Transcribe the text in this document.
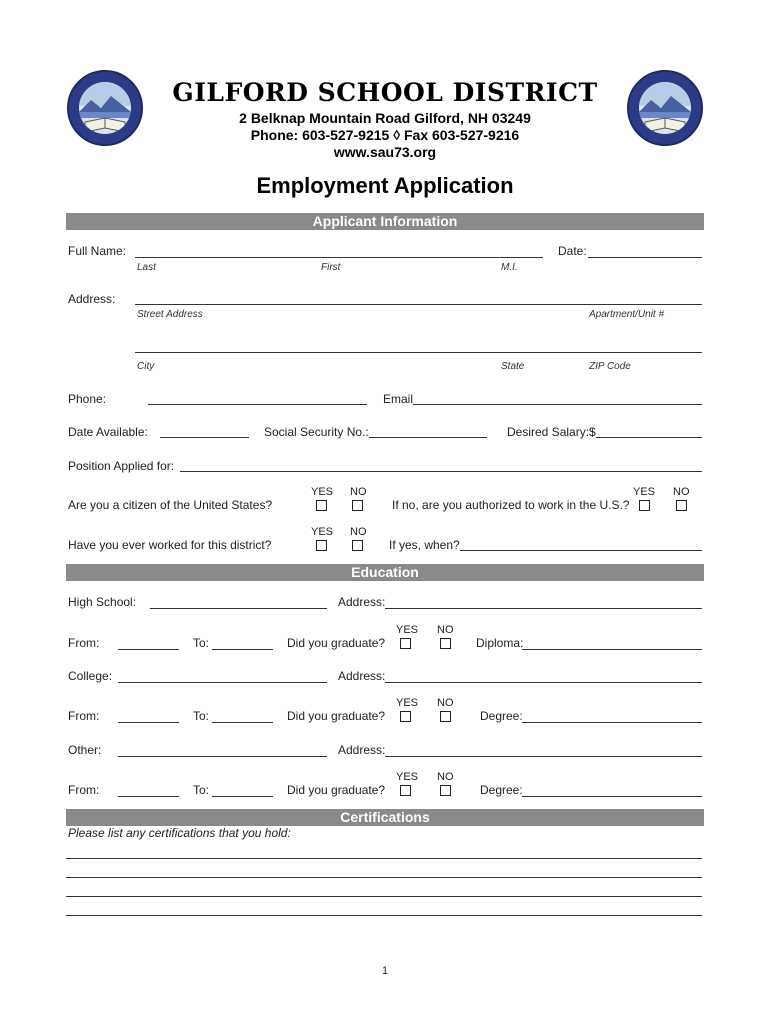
GILFORD SCHOOL DISTRICT
2 Belknap Mountain Road Gilford, NH 03249
Phone: 603-527-9215 ◊ Fax 603-527-9216
www.sau73.org
Employment Application
Applicant Information
Full Name:	Date:
Last	First	M.I.
Address:
Street Address	Apartment/Unit #
City	State	ZIP Code
Phone:	Email
Date Available:	Social Security No.:	Desired Salary:$
Position Applied for:
YES NO
Are you a citizen of the United States?	If no, are you authorized to work in the U.S.?
YES NO
YES NO
Have you ever worked for this district?	If yes, when?
Education
High School:	Address:
YES NO
From:	To:	Did you graduate?	Diploma:
College:	Address:
YES NO
From:	To:	Did you graduate?	Degree:
Other:	Address:
YES NO
From:	To:	Did you graduate?	Degree:
Certifications
Please list any certifications that you hold:
1
